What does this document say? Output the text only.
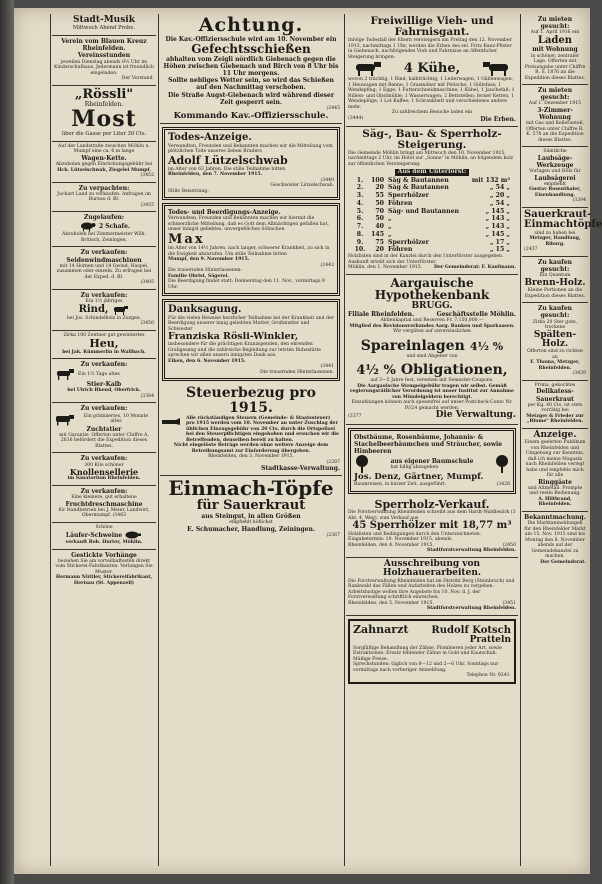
Stadt-Musik
Mittwoch Abend Probe.
Verein vom Blauen Kreuz Rheinfelden.
Vereinsstunden
jeweilen Dienstag abends 8½ Uhr im Kinderschulhaus. Jedermann ist freundlich eingeladen.
Der Vorstand.
„Rössli"
Rheinfelden.
Most
über die Gasse per Liter 30 Cts.
Auf der Landstraße zwischen Möhlin u. Mumpf eine ca. 6 m lange
Wagen-Kette.
Abzuholen gegen Einrückungsgebühr bei
Hch. Lützelschwab, Ziegelei Mumpf.
(3452
Zu verpachten:
Juchart Land zu verkaufen. Anfragen im Bureau d. Bl.
(3455
Zugelaufen:
2 Schafe.
Abzuholen bei Zimmermeister Wilh. Brütsch, Zeiningen.
Zu verkaufen:
Seidenwindmaschinen
mit 14 Hornen und 14 Gwind, Haspel, zusammen oder einzeln. Zu erfragen bei der Exped. d. Bl.
(3405
Zu verkaufen:
Ein 1½ jähriges
Rind,
bei Jos. Schindelholz in Zuzgen.
(3450
Zirka 100 Zentner gut gewintertes
Heu,
bei Jak. Kümmerlin in Wallbach.
Zu verkaufen:
Ein 1½ Tage altes
Stier-Kalb
bei Ulrich Bhend, Oberfrick.
(3384
Zu verkaufen:
Ein prämiiertes, 10 Monate altes
Zuchtstier
mit Garantie. Offerten unter Chiffre A. 2816 befördert die Expedition dieses Blattes.
Zu verkaufen:
300 Kilo schöner
Knollensellerie
im Sanatorium Rheinfelden.
Zu verkaufen:
Eine kleinere, gut erhaltene
Fruchtdreschmaschine
für Handbetrieb bei J. Meier, Landwirt, Obermumpf. (3463
Schöne
Läufer-Schweine
verkauft Rob. Hurter, Möhlin.
Gestickte Vorhänge
beziehen Sie am vorteilhaftesten direkt vom Stickerei-Fabrikanten. Verlangen Sie Muster.
Hermann Nüttler, Stickereifabrikant, Herisau (St. Appenzell)
Achtung.
Die Kav.-Offiziersschule wird am 10. November ein
Gefechtsschießen
abhalten vom Zeigli nördlich Giebenach gegen die Höhen zwischen Giebenach und Birch von 8 Uhr bis 11 Uhr morgens.
Sollte nebliges Wetter sein, so wird das Schießen auf den Nachmittag verschoben.
Die Straße Augst-Giebenach wird während dieser Zeit gesperrt sein.
(2445
Kommando Kav.-Offiziersschule.
Todes-Anzeige.
Verwandten, Freunden und Bekannten machen wir die Mitteilung vom plötzlichen Tode unseres lieben Bruders
Adolf Lützelschwab
im Alter von 63 Jahren. Die stille Teilnahme bitten
Rheinfelden, den 7. November 1915.
(3440
Geschwister Lützelschwab.
Stille Beisetzung.
Todes- und Beerdigungs-Anzeige.
Verwandten, Freunden und Bekannten machen wir hiermit die schmerzliche Mitteilung, daß es Gott dem Allmächtigen gefallen hat, unser innigst geliebtes, unvergeßliches Söhnchen
Max
im Alter von 14½ Jahren, nach langer, schwerer Krankheit, zu sich in die Ewigkeit abzurufen. Um stille Teilnahme bitten
Mumpf, den 9. November 1915.
(2443
Die trauernden Hinterlassenen:
Familie Obrist, Sägerei.
Die Beerdigung findet statt: Donnerstag den 11. Nov., vormittags 9 Uhr.
Danksagung.
Für die vielen Beweise herzlicher Teilnahme bei der Krankheit und der Beerdigung unserer innig geliebten Mutter, Großmutter und Schwester
Franziska Rösli-Winkler,
insbesondere für die prächtigen Kranzspenden, den ehrenden Grabgesang und die zahlreiche Begleitung zur letzten Ruhestätte sprechen wir allen unsern innigsten Dank aus.
Eiken, den 6. November 1915.
(3441
Die trauernden Hinterlassenen.
Steuerbezug pro 1915.
Alle rückständigen Steuern (Gemeinde- & Staatssteuer) pro 1915 werden vom 10. November an unter Zuschlag der üblichen Einzugsgebühr von 20 Cts. durch die Ortspolizei bei den Steuerpflichtigen eingehoben und ersuchen wir die Betreffenden, denselben bereit zu halten.
Nicht eingelöste Beträge werden ohne weitere Anzeige dem Betreibungsamt zur Einforderung übergeben.
Rheinfelden, den 3. November 1915.
(2287
Stadtkasse-Verwaltung.
Einmach-Töpfe
für Sauerkraut
aus Steingut, in allen Größen
empfiehlt höflichst
E. Schumacher, Handlung, Zeiningen.
(2367
Freiwillige Vieh- und Fahrnisgant.
Infolge Todesfall der Eltern versteigern am Freitag den 12. November 1915, nachmittags 1 Uhr, werden die Erben des sel. Fritz Kunz-Pfister in Giebenach, nachfolgendes Vieh und Fahrnisse an öffentlicher Steigerung bringen:
4 Kühe,
wovon 2 trächtig, 1 Rind, halbträchtig; 1 Leiterwagen, 1 Güllenwagen, 1 Heuwagen mit Benne; 1 Grasmäher mit Peitsche; 1 Güllefass; 1 Wendepflug; 1 Egge; 1 Futterschneidmaschine; 1 Kübel, 1 Jauchefaß; 1 Rüben- und Obstmühle; 1 Wasserwagen; 2 Bettstellen; ferner Ketten, 1 Wendeplüge; 1 Lot Kaffee; 1 Schrankbett und verschiedenes andere mehr.
Zu zahlreichem Besuche laden ein
(3444)	Die Erben.
Säg-, Bau- & Sperrholz-Steigerung.
Die Gemeinde Möhlin bringt am Mittwoch den 10. November 1915, nachmittags 2 Uhr, im Hotel zur „Sonne" in Möhlin, an folgendem holz zur öffentlichen Versteigerung:
Aus dem Unterforst:
1.	100 Säg & Bautannen	mit 132 m³
2.	20 Säg & Bautannen	„ 54 „
3.	55 Sperrhölzer	„ 20 „
4.	50 Föhren	„ 54 „
5.	70 Säg- und Bautannen	„ 145 „
6.	50 „	„ 143 „
7.	40 „	„ 143 „
8.	145 „	„ 145 „
9.	75 Sperrhölzer	„ 17 „
10.	20 Föhren	„ 15 „
Holzlisten sind in der Kanzlei durch den Unterförster ausgegeben. Auskunft erteilt sich der Unterförster.
Möhlin, den 1. November 1915.	Der Gemeinderat: F. Kaufmann.
Aargauische Hypothekenbank
BRUGG.
Filiale Rheinfelden.	Geschäftsstelle Möhlin.
Aktienkapital und Reserven Fr. 7,150,000.—
Mitglied des Revisionsverbandes Aarg. Banken und Sparkassen.
Wir vergüten auf unverzinslichen
Spareinlagen 4½ %
und sind Abgeber von
4½ % Obligationen,
auf 3—5 Jahre fest, versehen mit Semester-Coupons.
Die Aargauische Stempelgebühr tragen wir selbst. Gemäß regierungsrätlicher Verordnung ist unser Institut zur Annahme von Mündelgeldern berechtigt.
Einzahlungen können auch spesenfrei auf unser Postcheck-Conto Nr. IV/24 gemacht werden.
(3377	Die Verwaltung.
Obstbäume, Rosenbäume, Johannis- & Stachelbeerbäumchen und Sträucher, sowie Himbeeren
aus eigener Baumschule
hat billig abzugeben
Jos. Denz, Gärtner, Mumpf.
Baumreisen, in kurzer Zeit, ausgeführt.	(3428
Sperrholz-Verkauf.
Die Forstverwaltung Rheinfelden schreibt aus dem Hardt-Waldbezirk (3 Abt. 4, Weg), zum Verkauf aus
45 Sperrhölzer mit 18,77 m³
Holzlisten und Bedingungen durch den Unterzeichneten. Eingabetermin: 10. November 1915, abends.
Rheinfelden, den 4. November 1915.	(2450
Stadtforstverwaltung Rheinfelden.
Ausschreibung von Holzhauerarbeiten.
Die Forstverwaltung Rheinfelden hat im Distrikt Berg (Steinbruch) und Rankwald das Fällen und Aufarbeiten des Holzes zu vergeben. Arbeitslustige wollen ihre Angebote bis 10. Nov. d. J. der Forstverwaltung schriftlich einreichen.
Rheinfelden, den 5. November 1915.	(3451
Stadtforstverwaltung Rheinfelden.
Zahnarzt Rudolf Kotsch
Pratteln
Sorgfältige Behandlung der Zähne, Plombieren jeder Art, sowie Extraktionen. Ersatz fehlender Zähne in Gold und Kautschuk. Mäßige Preise.
Sprechstunden: täglich von 8—12 und 2—6 Uhr. Sonntags nur vormittags nach vorheriger Anmeldung.
Telephon Nr. 9241.
Zu mieten gesucht:
Auf 1. April 1916 ein
Laden
mit Wohnung
in schöner, zentraler Lage. Offerten mit Preisangabe unter Chiffre R. S. 1876 an die Expedition dieses Blattes.
Zu mieten gesucht:
Auf 1. Dezember 1915
3-Zimmer-Wohnung
mit Gas und Kelleranteil, Offerten unter Chiffre B. K. 578 an die Expedition dieses Blattes.
Sämtliche
Laubsäge-Werkzeuge
Vorlagen und Holz für
Laubsägerei
empfiehlt
Gustav Rosenthaler, Eisenhandlung.
(3394
Sauerkraut-
Einmachtöpfe
sind zu haben bei
Metzger, Handlung, Riburg.
(2437
Zu kaufen gesucht:
Ein Quantum
Brenn-Holz.
Kleine Portionen an die Expedition dieses Blattes.
Zu kaufen gesucht:
Zirka 20 Ster gute, trockene
Spälten-Holz.
Offerten sind zu richten an
F. Thoma, Metzger, Rheinfelden.
(3439
Prima, gekochtes
Delikatess-Sauerkraut
per Kg. 40 Cts. ist stets vorrätig bei
Metzger & Frieder zur „Blume" Rheinfelden.
Anzeige.
Einem geehrten Publikum von Rheinfelden und Umgebung zur Kenntnis, daß ich meine Magazin nach Rheinfelden verlegt habe und empfehle mich für alle
Ringgäste
und Altmetall. Prompte und reelle Bedienung.
A. Hiltbrand, Rheinfelden.
Bekanntmachung.
Die Marktanmeldungen für den Rheinfelder Markt am 15. Nov. 1915 sind bis Montag den 8. November abends auf der Gemeindekanzlei zu machen.
Der Gemeinderat.
